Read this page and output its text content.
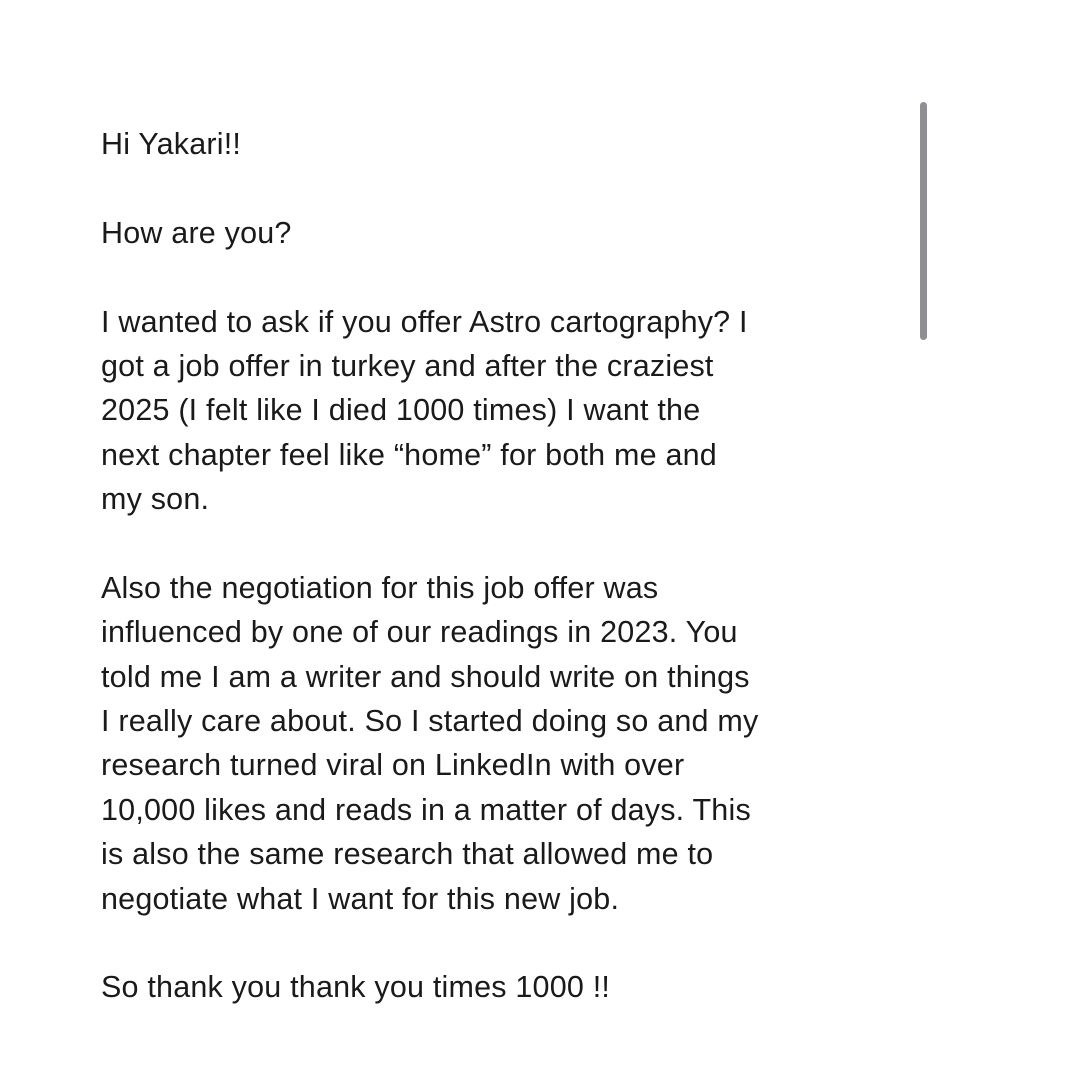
Hi Yakari!!
How are you?
I wanted to ask if you offer Astro cartography? I
got a job offer in turkey and after the craziest
2025 (I felt like I died 1000 times) I want the
next chapter feel like “home” for both me and
my son.
Also the negotiation for this job offer was
influenced by one of our readings in 2023. You
told me I am a writer and should write on things
I really care about. So I started doing so and my
research turned viral on LinkedIn with over
10,000 likes and reads in a matter of days. This
is also the same research that allowed me to
negotiate what I want for this new job.
So thank you thank you times 1000 !!
